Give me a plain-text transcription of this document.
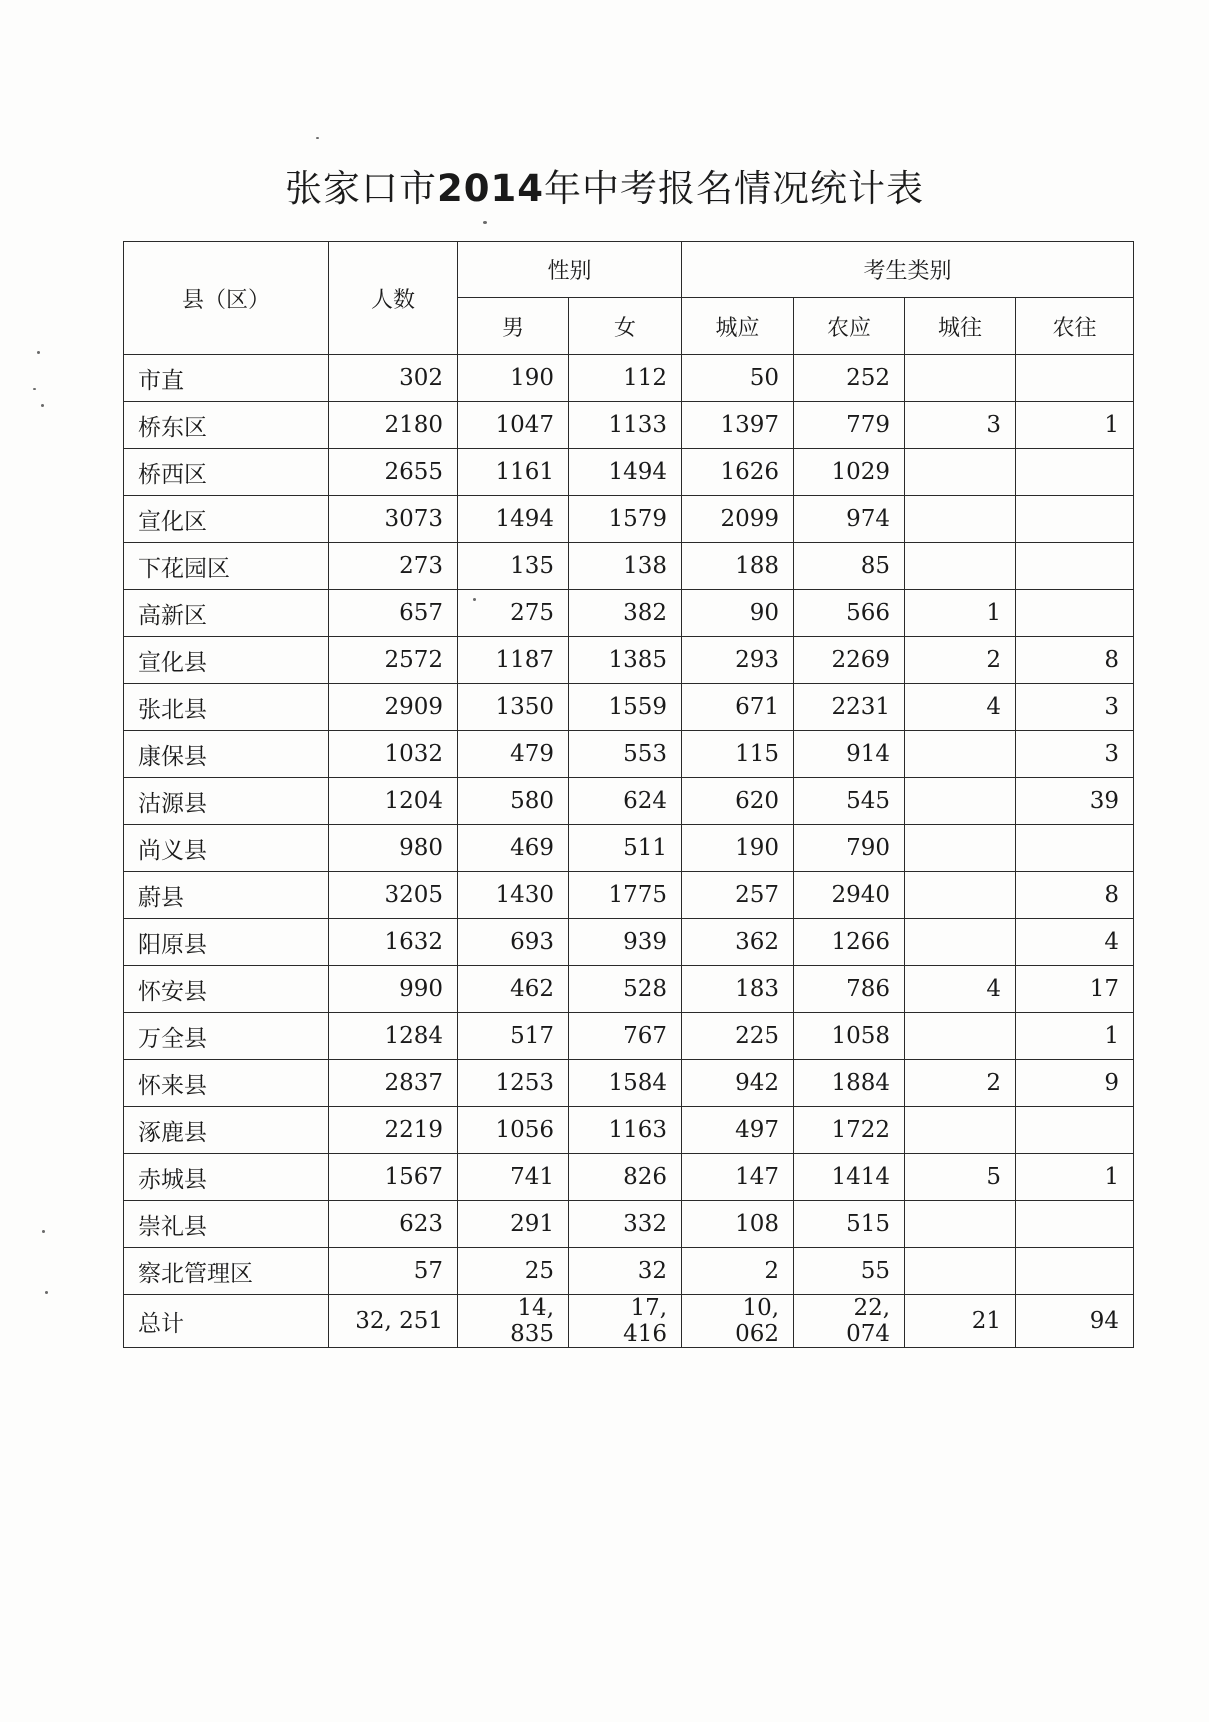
张家口市2014年中考报名情况统计表
县（区）	人数	性别		考生类别			
		男	女	城应	农应	城往	农往
市直	302	190	112	50	252		
桥东区	2180	1047	1133	1397	779	3	1
桥西区	2655	1161	1494	1626	1029		
宣化区	3073	1494	1579	2099	974		
下花园区	273	135	138	188	85		
高新区	657	275	382	90	566	1	
宣化县	2572	1187	1385	293	2269	2	8
张北县	2909	1350	1559	671	2231	4	3
康保县	1032	479	553	115	914		3
沽源县	1204	580	624	620	545		39
尚义县	980	469	511	190	790		
蔚县	3205	1430	1775	257	2940		8
阳原县	1632	693	939	362	1266		4
怀安县	990	462	528	183	786	4	17
万全县	1284	517	767	225	1058		1
怀来县	2837	1253	1584	942	1884	2	9
涿鹿县	2219	1056	1163	497	1722		
赤城县	1567	741	826	147	1414	5	1
崇礼县	623	291	332	108	515		
察北管理区	57	25	32	2	55		
总计	32, 251	14, 835	17, 416	10, 062	22, 074	21	94
